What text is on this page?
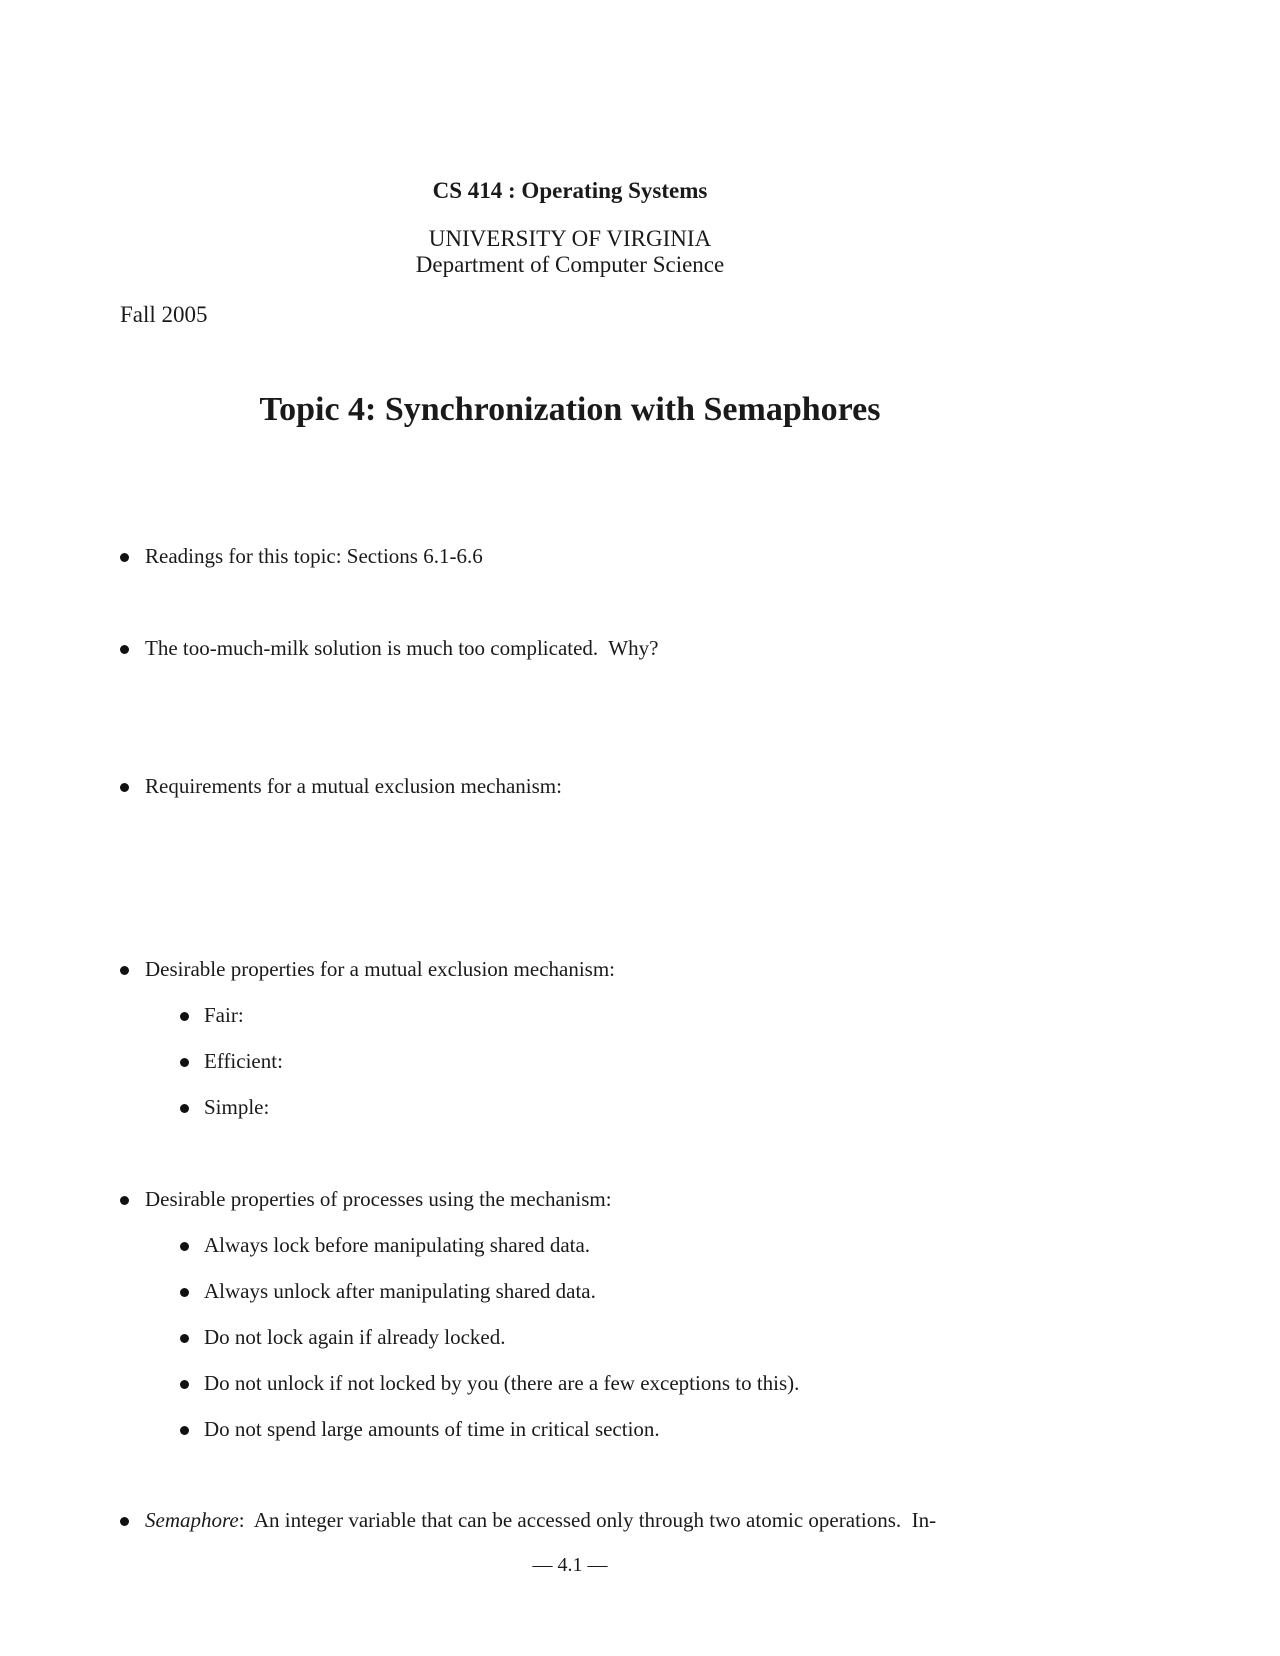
CS 414 : Operating Systems
UNIVERSITY OF VIRGINIA
Department of Computer Science
Fall 2005
Topic 4: Synchronization with Semaphores
Readings for this topic: Sections 6.1-6.6
The too-much-milk solution is much too complicated.  Why?
Requirements for a mutual exclusion mechanism:
Desirable properties for a mutual exclusion mechanism:
Fair:
Efficient:
Simple:
Desirable properties of processes using the mechanism:
Always lock before manipulating shared data.
Always unlock after manipulating shared data.
Do not lock again if already locked.
Do not unlock if not locked by you (there are a few exceptions to this).
Do not spend large amounts of time in critical section.
Semaphore:  An integer variable that can be accessed only through two atomic operations.  In-
— 4.1 —
